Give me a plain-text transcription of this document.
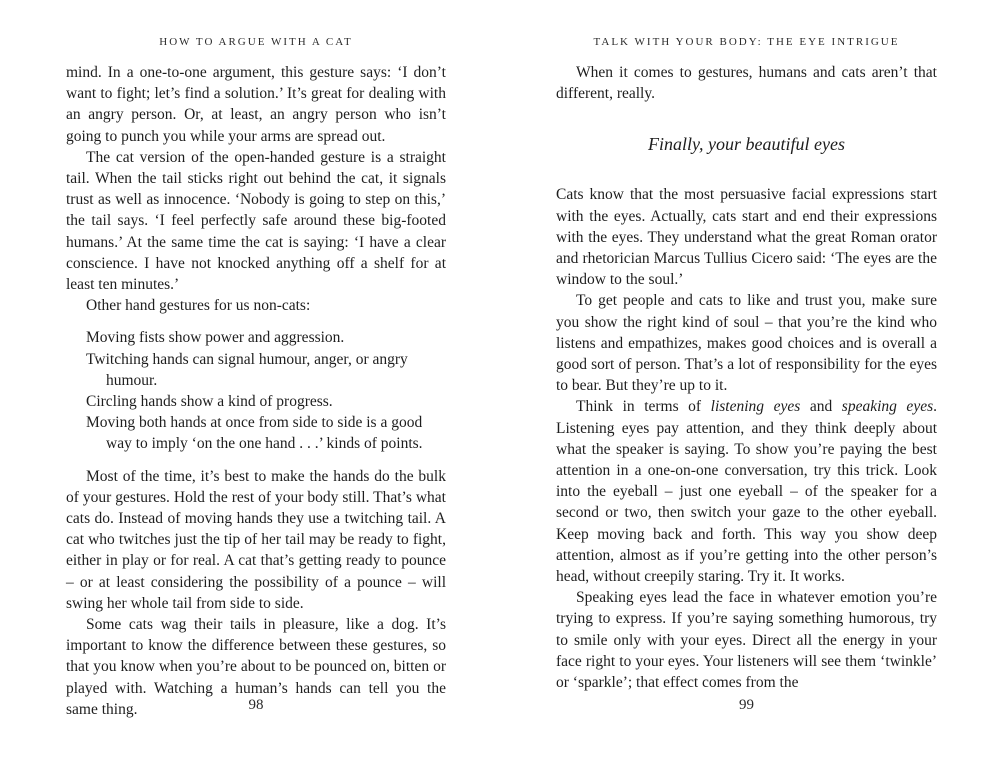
HOW TO ARGUE WITH A CAT

mind. In a one-to-one argument, this gesture says: ‘I don’t want to fight; let’s find a solution.’ It’s great for dealing with an angry person. Or, at least, an angry person who isn’t going to punch you while your arms are spread out.

The cat version of the open-handed gesture is a straight tail. When the tail sticks right out behind the cat, it signals trust as well as innocence. ‘Nobody is going to step on this,’ the tail says. ‘I feel perfectly safe around these big-footed humans.’ At the same time the cat is saying: ‘I have a clear conscience. I have not knocked anything off a shelf for at least ten minutes.’

Other hand gestures for us non-cats:

Moving fists show power and aggression.
Twitching hands can signal humour, anger, or angry humour.
Circling hands show a kind of progress.
Moving both hands at once from side to side is a good way to imply ‘on the one hand . . .’ kinds of points.

Most of the time, it’s best to make the hands do the bulk of your gestures. Hold the rest of your body still. That’s what cats do. Instead of moving hands they use a twitching tail. A cat who twitches just the tip of her tail may be ready to fight, either in play or for real. A cat that’s getting ready to pounce – or at least considering the possibility of a pounce – will swing her whole tail from side to side.

Some cats wag their tails in pleasure, like a dog. It’s important to know the difference between these gestures, so that you know when you’re about to be pounced on, bitten or played with. Watching a human’s hands can tell you the same thing.	98
TALK WITH YOUR BODY: THE EYE INTRIGUE

When it comes to gestures, humans and cats aren’t that different, really.

Finally, your beautiful eyes

Cats know that the most persuasive facial expressions start with the eyes. Actually, cats start and end their expressions with the eyes. They understand what the great Roman orator and rhetorician Marcus Tullius Cicero said: ‘The eyes are the window to the soul.’

To get people and cats to like and trust you, make sure you show the right kind of soul – that you’re the kind who listens and empathizes, makes good choices and is overall a good sort of person. That’s a lot of responsibility for the eyes to bear. But they’re up to it.

Think in terms of listening eyes and speaking eyes. Listening eyes pay attention, and they think deeply about what the speaker is saying. To show you’re paying the best attention in a one-on-one conversation, try this trick. Look into the eyeball – just one eyeball – of the speaker for a second or two, then switch your gaze to the other eyeball. Keep moving back and forth. This way you show deep attention, almost as if you’re getting into the other person’s head, without creepily staring. Try it. It works.

Speaking eyes lead the face in whatever emotion you’re trying to express. If you’re saying something humorous, try to smile only with your eyes. Direct all the energy in your face right to your eyes. Your listeners will see them ‘twinkle’ or ‘sparkle’; that effect comes from the

99
